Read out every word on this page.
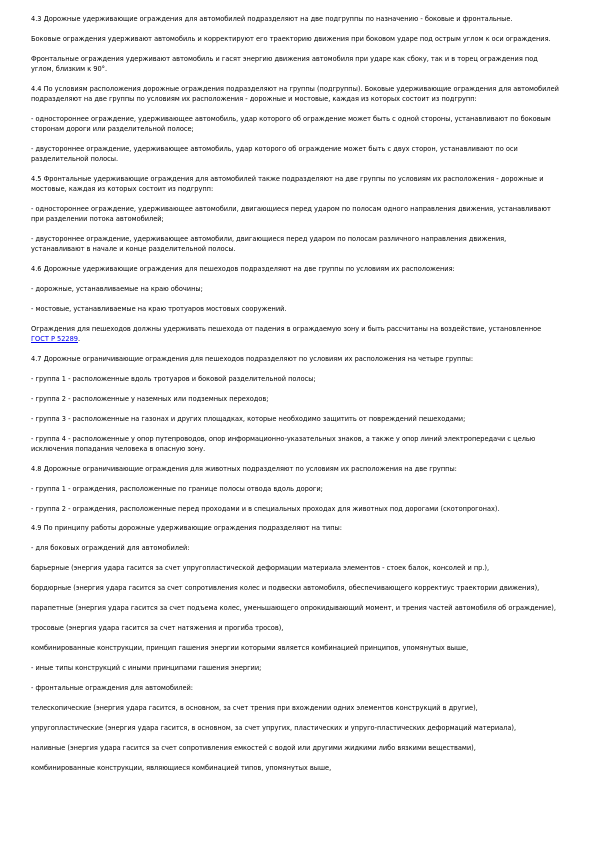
4.3 Дорожные удерживающие ограждения для автомобилей подразделяют на две подгруппы по назначению - боковые и фронтальные.

Боковые ограждения удерживают автомобиль и корректируют его траекторию движения при боковом ударе под острым углом к оси ограждения.

Фронтальные ограждения удерживают автомобиль и гасят энергию движения автомобиля при ударе как сбоку, так и в торец ограждения под углом, близким к 90°.

4.4 По условиям расположения дорожные ограждения подразделяют на группы (подгруппы). Боковые удерживающие ограждения для автомобилей подразделяют на две группы по условиям их расположения - дорожные и мостовые, каждая из которых состоит из подгрупп:

- одностороннее ограждение, удерживающее автомобиль, удар которого об ограждение может быть с одной стороны, устанавливают по боковым сторонам дороги или разделительной полосе;

- двустороннее ограждение, удерживающее автомобиль, удар которого об ограждение может быть с двух сторон, устанавливают по оси разделительной полосы.

4.5 Фронтальные удерживающие ограждения для автомобилей также подразделяют на две группы по условиям их расположения - дорожные и мостовые, каждая из которых состоит из подгрупп:

- одностороннее ограждение, удерживающее автомобили, двигающиеся перед ударом по полосам одного направления движения, устанавливают при разделении потока автомобилей;

- двустороннее ограждение, удерживающее автомобили, двигающиеся перед ударом по полосам различного направления движения, устанавливают в начале и конце разделительной полосы.

4.6 Дорожные удерживающие ограждения для пешеходов подразделяют на две группы по условиям их расположения:

- дорожные, устанавливаемые на краю обочины;

- мостовые, устанавливаемые на краю тротуаров мостовых сооружений.

Ограждения для пешеходов должны удерживать пешехода от падения в ограждаемую зону и быть рассчитаны на воздействие, установленное ГОСТ Р 52289.

4.7 Дорожные ограничивающие ограждения для пешеходов подразделяют по условиям их расположения на четыре группы:

- группа 1 - расположенные вдоль тротуаров и боковой разделительной полосы;

- группа 2 - расположенные у наземных или подземных переходов;

- группа 3 - расположенные на газонах и других площадках, которые необходимо защитить от повреждений пешеходами;

- группа 4 - расположенные у опор путепроводов, опор информационно-указательных знаков, а также у опор линий электропередачи с целью исключения попадания человека в опасную зону.

4.8 Дорожные ограничивающие ограждения для животных подразделяют по условиям их расположения на две группы:

- группа 1 - ограждения, расположенные по границе полосы отвода вдоль дороги;

- группа 2 - ограждения, расположенные перед проходами и в специальных проходах для животных под дорогами (скотопрогонах).

4.9 По принципу работы дорожные удерживающие ограждения подразделяют на типы:

- для боковых ограждений для автомобилей:

барьерные (энергия удара гасится за счет упругопластической деформации материала элементов - стоек балок, консолей и пр.),

бордюрные (энергия удара гасится за счет сопротивления колес и подвески автомобиля, обеспечивающего корректиус траектории движения),

парапетные (энергия удара гасится за счет подъема колес, уменьшающего опрокидывающий момент, и трения частей автомобиля об ограждение),

тросовые (энергия удара гасится за счет натяжения и прогиба тросов),

комбинированные конструкции, принцип гашения энергии которыми является комбинацией принципов, упомянутых выше,

- иные типы конструкций с иными принципами гашения энергии;

- фронтальные ограждения для автомобилей:

телескопические (энергия удара гасится, в основном, за счет трения при вхождении одних элементов конструкций в другие),

упругопластические (энергия удара гасится, в основном, за счет упругих, пластических и упруго-пластических деформаций материала),

наливные (энергия удара гасится за счет сопротивления емкостей с водой или другими жидкими либо вязкими веществами),

комбинированные конструкции, являющиеся комбинацией типов, упомянутых выше,
